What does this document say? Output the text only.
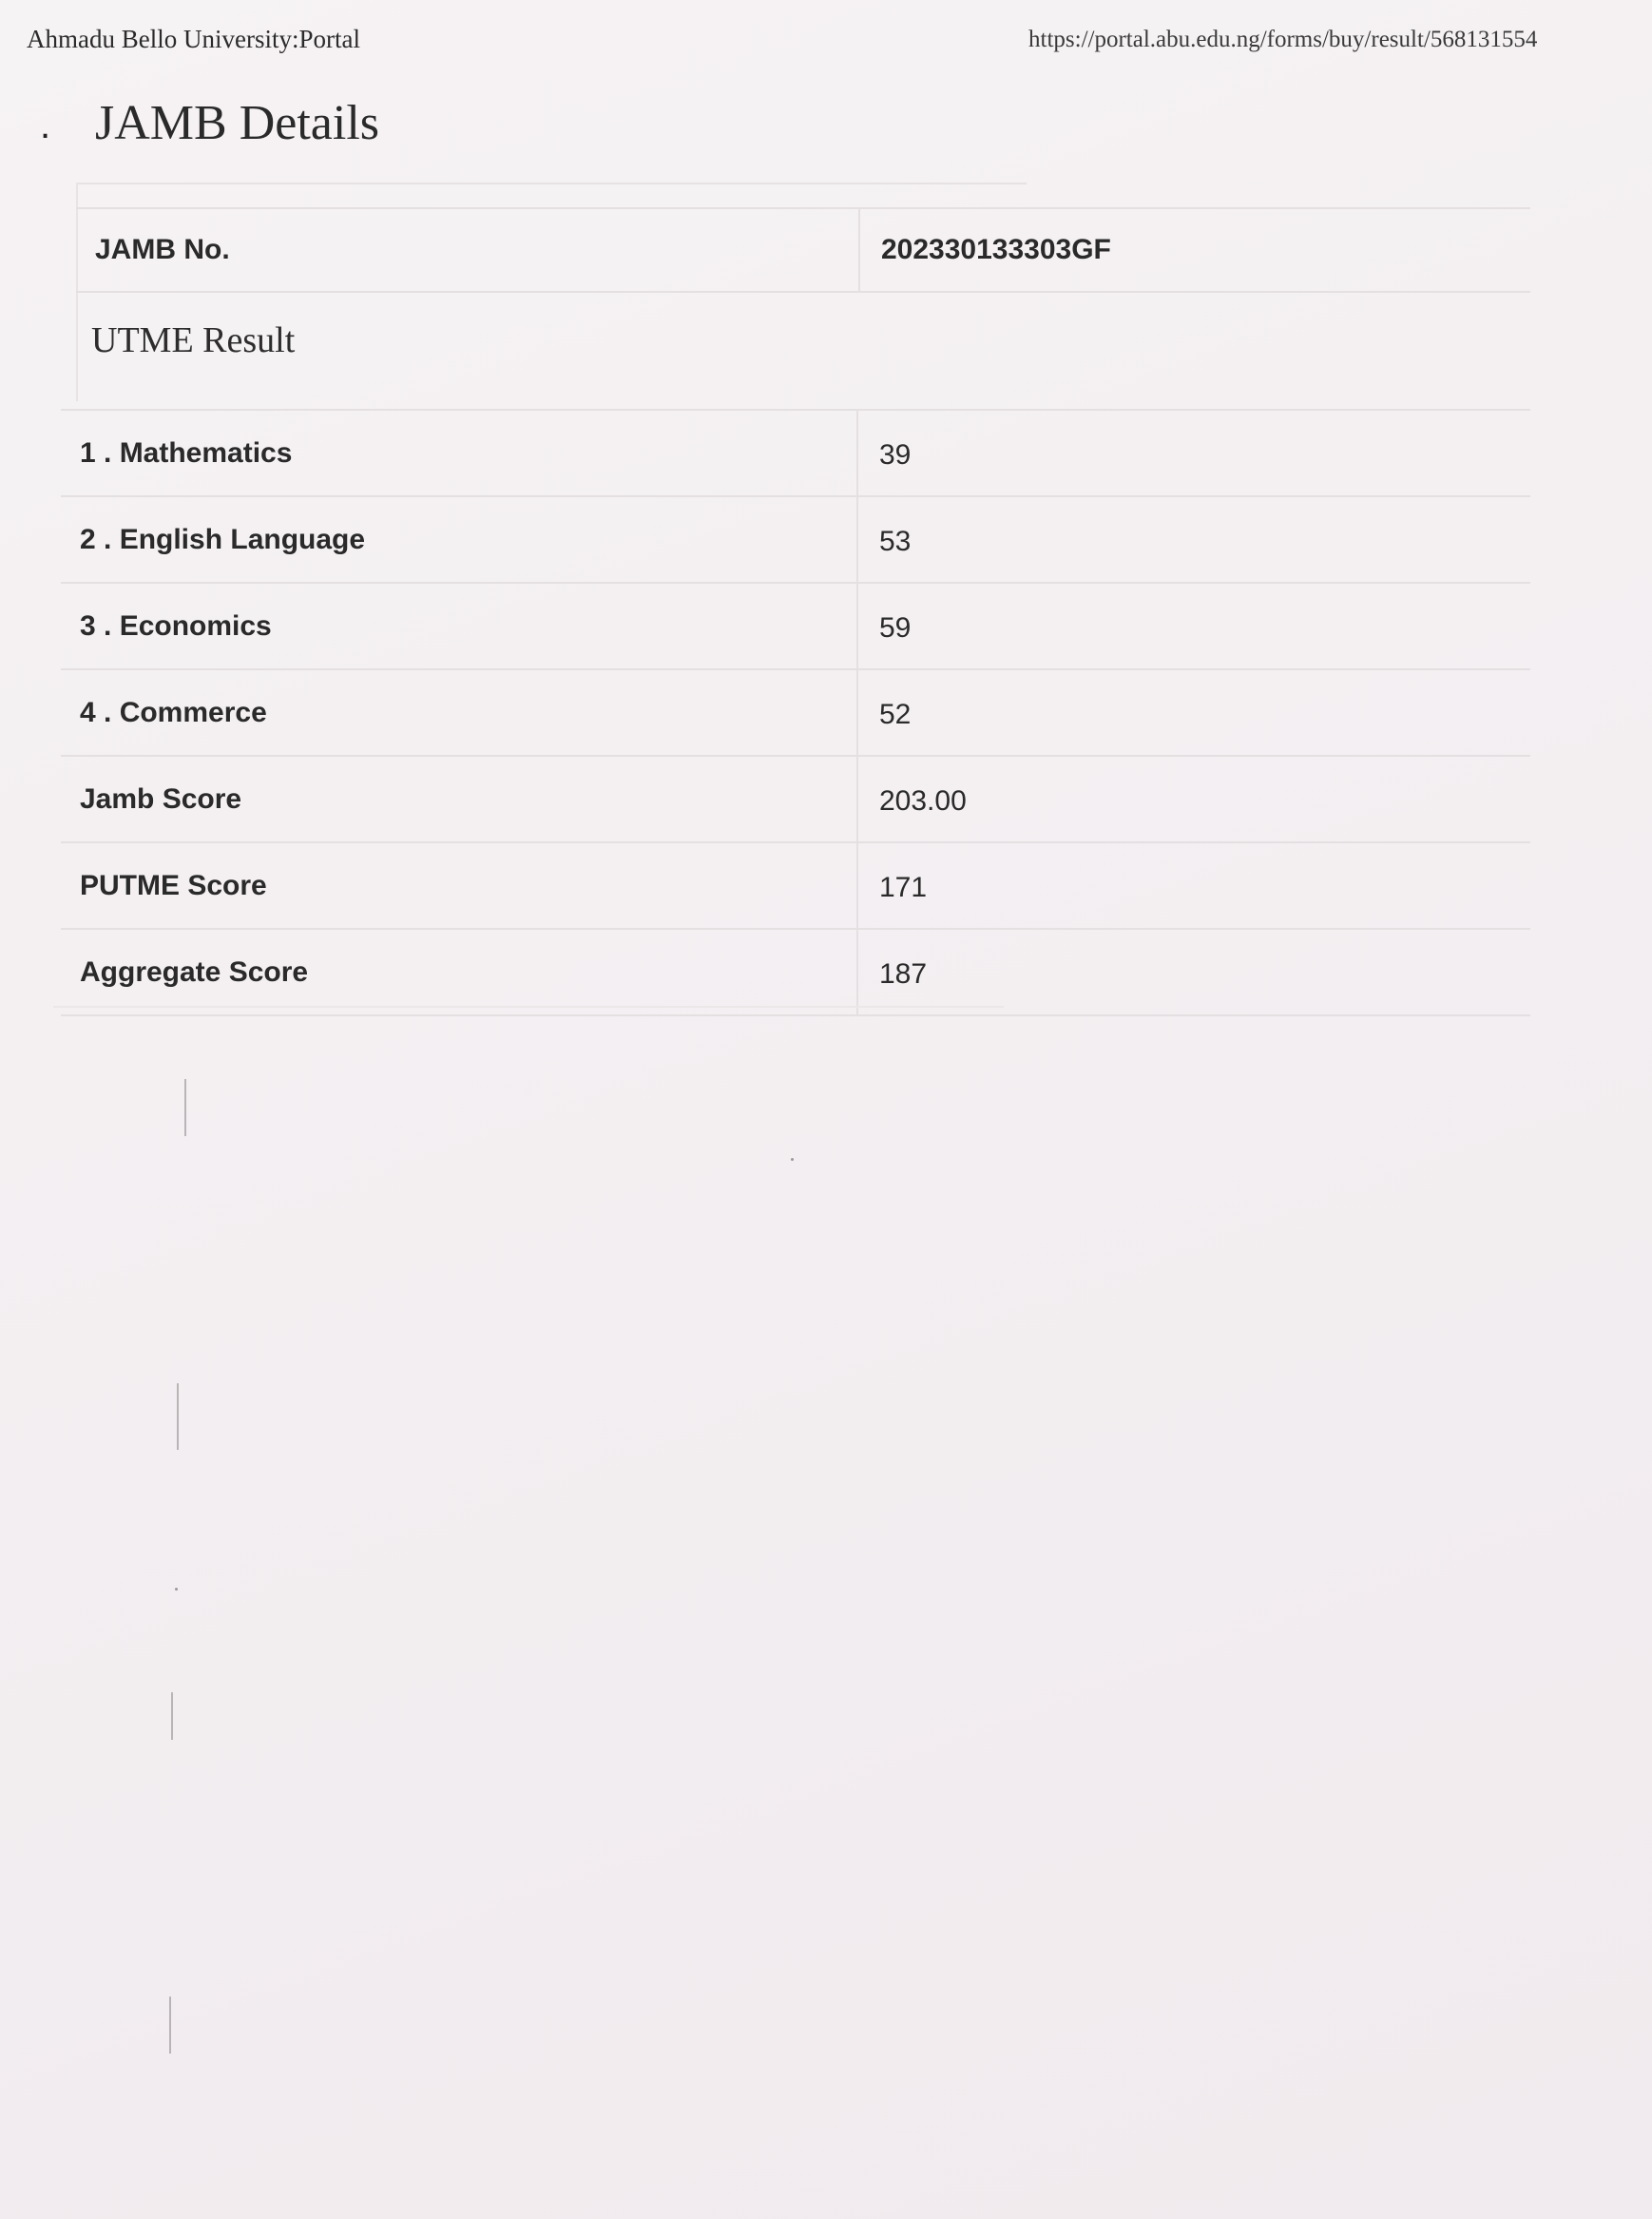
Ahmadu Bello University:Portal	https://portal.abu.edu.ng/forms/buy/result/568131554
. JAMB Details
JAMB No.	202330133303GF
UTME Result
1 . Mathematics	39
2 . English Language	53
3 . Economics	59
4 . Commerce	52
Jamb Score	203.00
PUTME Score	171
Aggregate Score	187
